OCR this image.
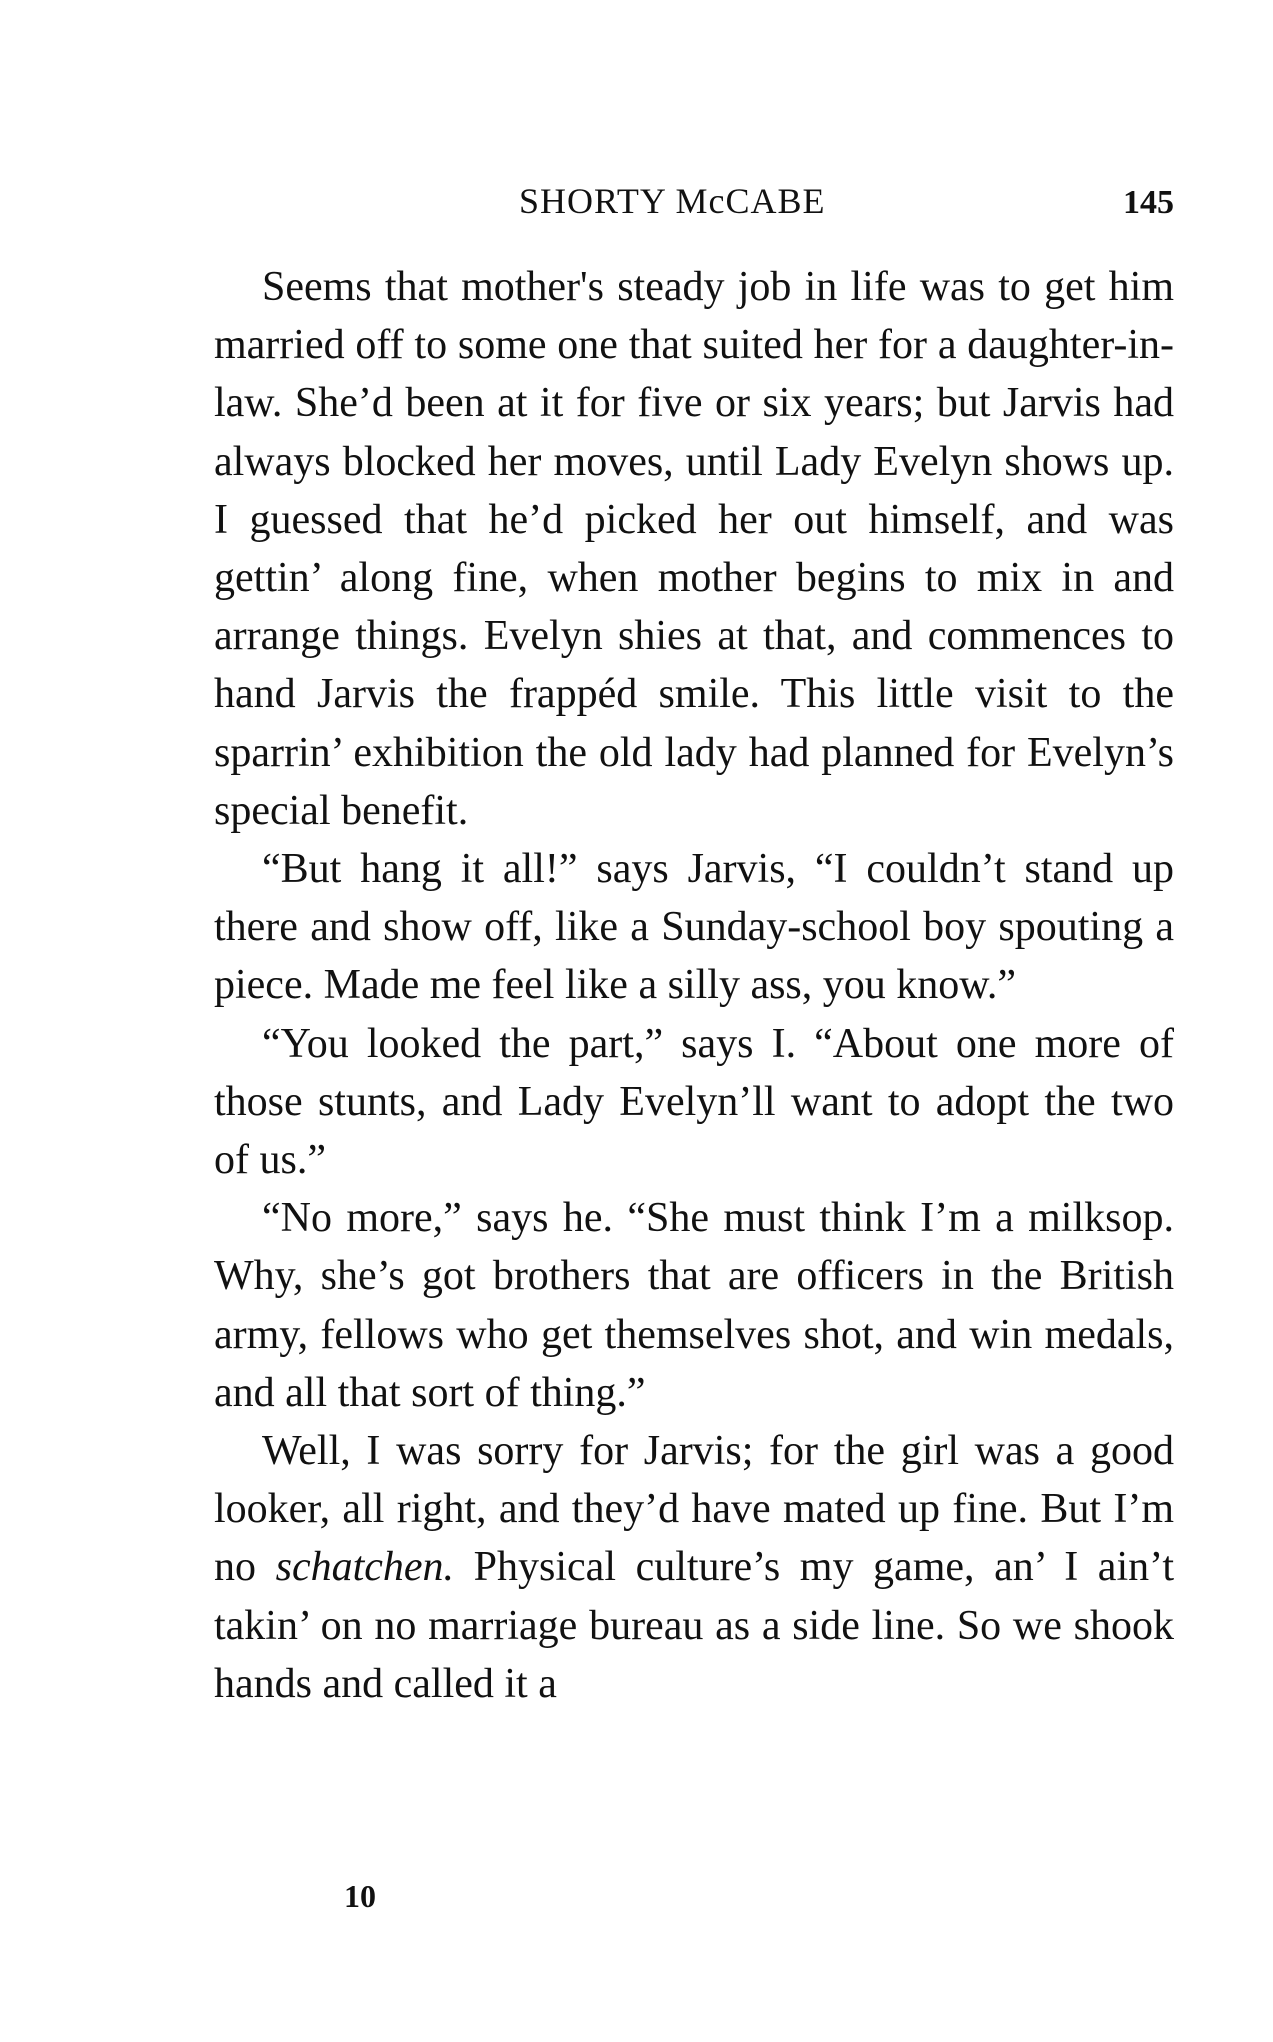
SHORTY McCABE	145

Seems that mother's steady job in life was to get him married off to some one that suited her for a daughter-in-law. She’d been at it for five or six years; but Jarvis had always blocked her moves, until Lady Evelyn shows up. I guessed that he’d picked her out himself, and was gettin’ along fine, when mother begins to mix in and arrange things. Evelyn shies at that, and commences to hand Jarvis the frappéd smile. This little visit to the sparrin’ exhibition the old lady had planned for Evelyn’s special benefit.

“But hang it all!” says Jarvis, “I couldn’t stand up there and show off, like a Sunday-school boy spouting a piece. Made me feel like a silly ass, you know.”

“You looked the part,” says I. “About one more of those stunts, and Lady Evelyn’ll want to adopt the two of us.”

“No more,” says he. “She must think I’m a milksop. Why, she’s got brothers that are officers in the British army, fellows who get themselves shot, and win medals, and all that sort of thing.”

Well, I was sorry for Jarvis; for the girl was a good looker, all right, and they’d have mated up fine. But I’m no schatchen. Physical culture’s my game, an’ I ain’t takin’ on no marriage bureau as a side line. So we shook hands and called it a

10
